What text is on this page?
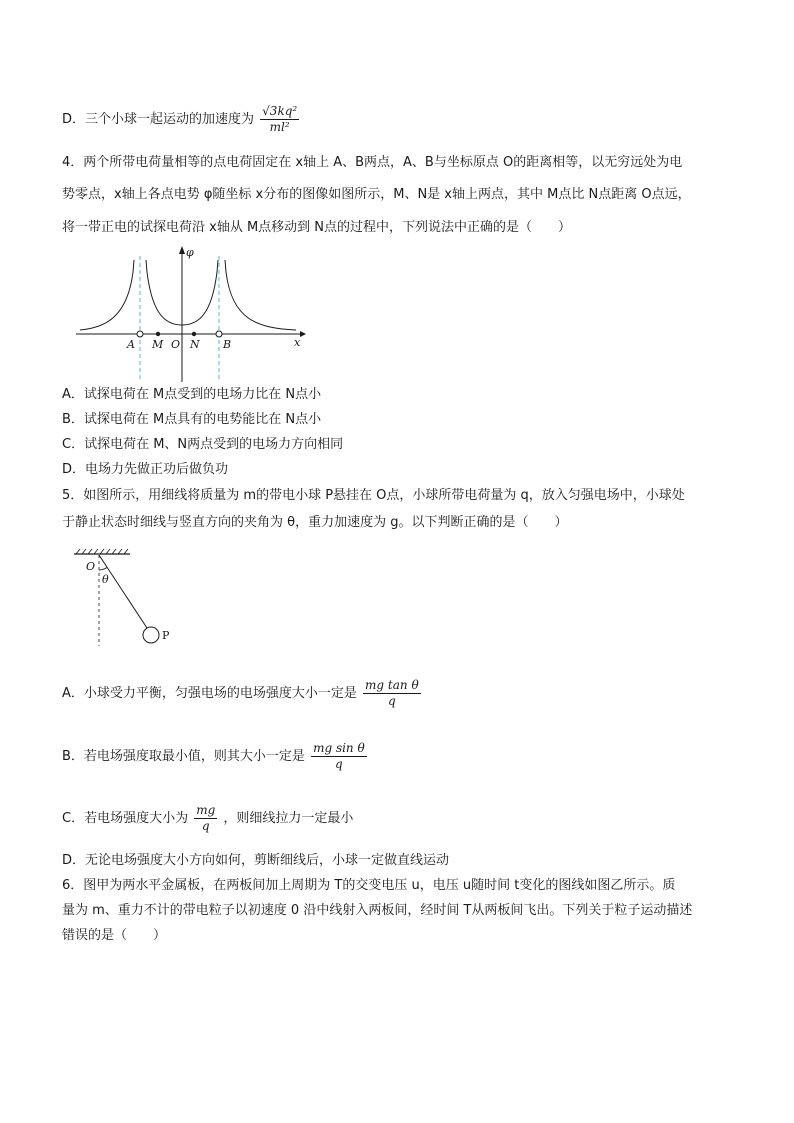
D．三个小球一起运动的加速度为 $\frac{\text{√3kq²}}{\text{ml²}}$
4．两个所带电荷量相等的点电荷固定在 x轴上 A、B两点，A、B与坐标原点 O的距离相等，以无穷远处为电
势零点，x轴上各点电势 φ随坐标 x分布的图像如图所示，M、N是 x轴上两点，其中 M点比 N点距离 O点远，
将一带正电的试探电荷沿 x轴从 M点移动到 N点的过程中，下列说法中正确的是（　　）
φ
x
A M O N B
A．试探电荷在 M点受到的电场力比在 N点小
B．试探电荷在 M点具有的电势能比在 N点小
C．试探电荷在 M、N两点受到的电场力方向相同
D．电场力先做正功后做负功
5．如图所示，用细线将质量为 m的带电小球 P悬挂在 O点，小球所带电荷量为 q，放入匀强电场中，小球处
于静止状态时细线与竖直方向的夹角为 θ，重力加速度为 g。以下判断正确的是（　　）
O
θ
P
A．小球受力平衡，匀强电场的电场强度大小一定是 $\frac{\text{mg tan θ}}{q}$
B．若电场强度取最小值，则其大小一定是 $\frac{\text{mg sin θ}}{q}$
C．若电场强度大小为 $\frac{mg}{q}$ ，则细线拉力一定最小
D．无论电场强度大小方向如何，剪断细线后，小球一定做直线运动
6．图甲为两水平金属板，在两板间加上周期为 T的交变电压 u，电压 u随时间 t变化的图线如图乙所示。质
量为 m、重力不计的带电粒子以初速度 0 沿中线射入两板间，经时间 T从两板间飞出。下列关于粒子运动描述
错误的是（　　）
